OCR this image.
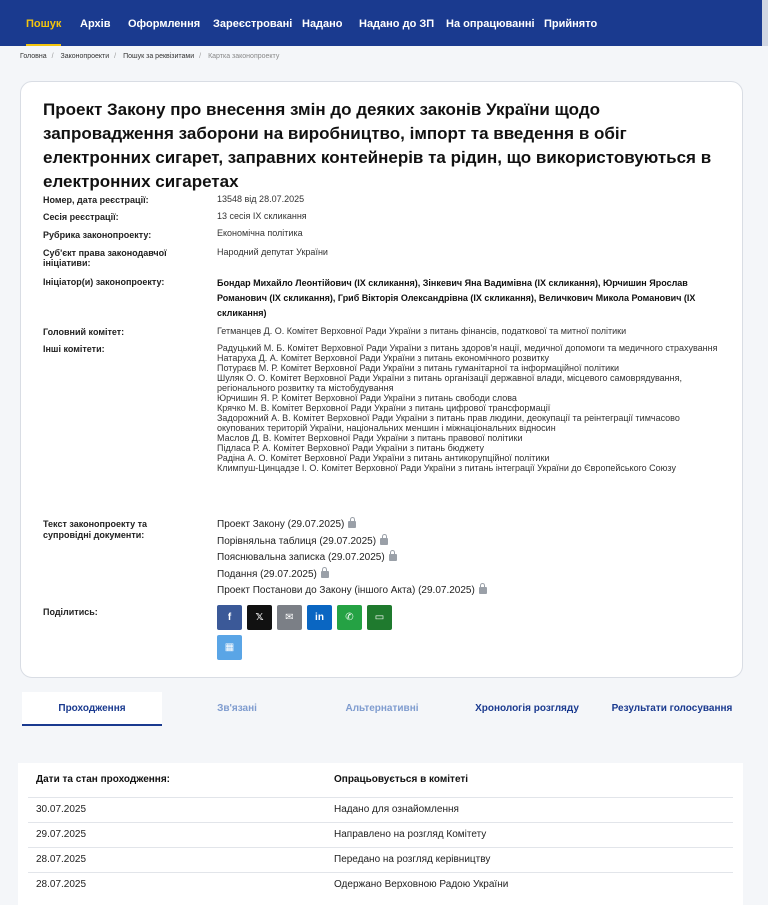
Пошук Архів Оформлення Зареєстровані Надано Надано до ЗП На опрацюванні Прийнято
Головна / Законопроекти / Пошук за реквізитами / Картка законопроекту
Проект Закону про внесення змін до деяких законів України щодо запровадження заборони на виробництво, імпорт та введення в обіг електронних сигарет, заправних контейнерів та рідин, що використовуються в електронних сигаретах
Номер, дата реєстрації:	13548 від 28.07.2025
Сесія реєстрації:	13 сесія IX скликання
Рубрика законопроекту:	Економічна політика
Суб'єкт права законодавчої ініціативи:
Народний депутат України
Ініціатор(и) законопроекту:	Бондар Михайло Леонтійович (IX скликання), Зінкевич Яна Вадимівна (IX скликання), Юрчишин Ярослав Романович (IX скликання), Гриб Вікторія Олександрівна (IX скликання), Величкович Микола Романович (IX скликання)
Головний комітет:	Гетманцев Д. О. Комітет Верховної Ради України з питань фінансів, податкової та митної політики
Інші комітети:	Радуцький М. Б. Комітет Верховної Ради України з питань здоров'я нації, медичної допомоги та медичного страхування
Натаруха Д. А. Комітет Верховної Ради України з питань економічного розвитку
Потураєв М. Р. Комітет Верховної Ради України з питань гуманітарної та інформаційної політики
Шуляк О. О. Комітет Верховної Ради України з питань організації державної влади, місцевого самоврядування, регіонального розвитку та містобудування
Юрчишин Я. Р. Комітет Верховної Ради України з питань свободи слова
Крячко М. В. Комітет Верховної Ради України з питань цифрової трансформації
Задорожний А. В. Комітет Верховної Ради України з питань прав людини, деокупації та реінтеграції тимчасово окупованих територій України, національних меншин і міжнаціональних відносин
Маслов Д. В. Комітет Верховної Ради України з питань правової політики
Підласа Р. А. Комітет Верховної Ради України з питань бюджету
Радіна А. О. Комітет Верховної Ради України з питань антикорупційної політики
Климпуш-Цинцадзе І. О. Комітет Верховної Ради України з питань інтеграції України до Європейського Союзу
Текст законопроекту та супровідні документи:
Проект Закону (29.07.2025)
Порівняльна таблиця (29.07.2025)
Пояснювальна записка (29.07.2025)
Подання (29.07.2025)
Проект Постанови до Закону (іншого Акта) (29.07.2025)
Поділитись:	f	𝕏	✉	in	✆	▭
▦
Проходження	Зв'язані	Альтернативні	Хронологія розгляду	Результати голосування
Дати та стан проходження:	Опрацьовується в комітеті
30.07.2025	Надано для ознайомлення
29.07.2025	Направлено на розгляд Комітету
28.07.2025	Передано на розгляд керівництву
28.07.2025	Одержано Верховною Радою України
